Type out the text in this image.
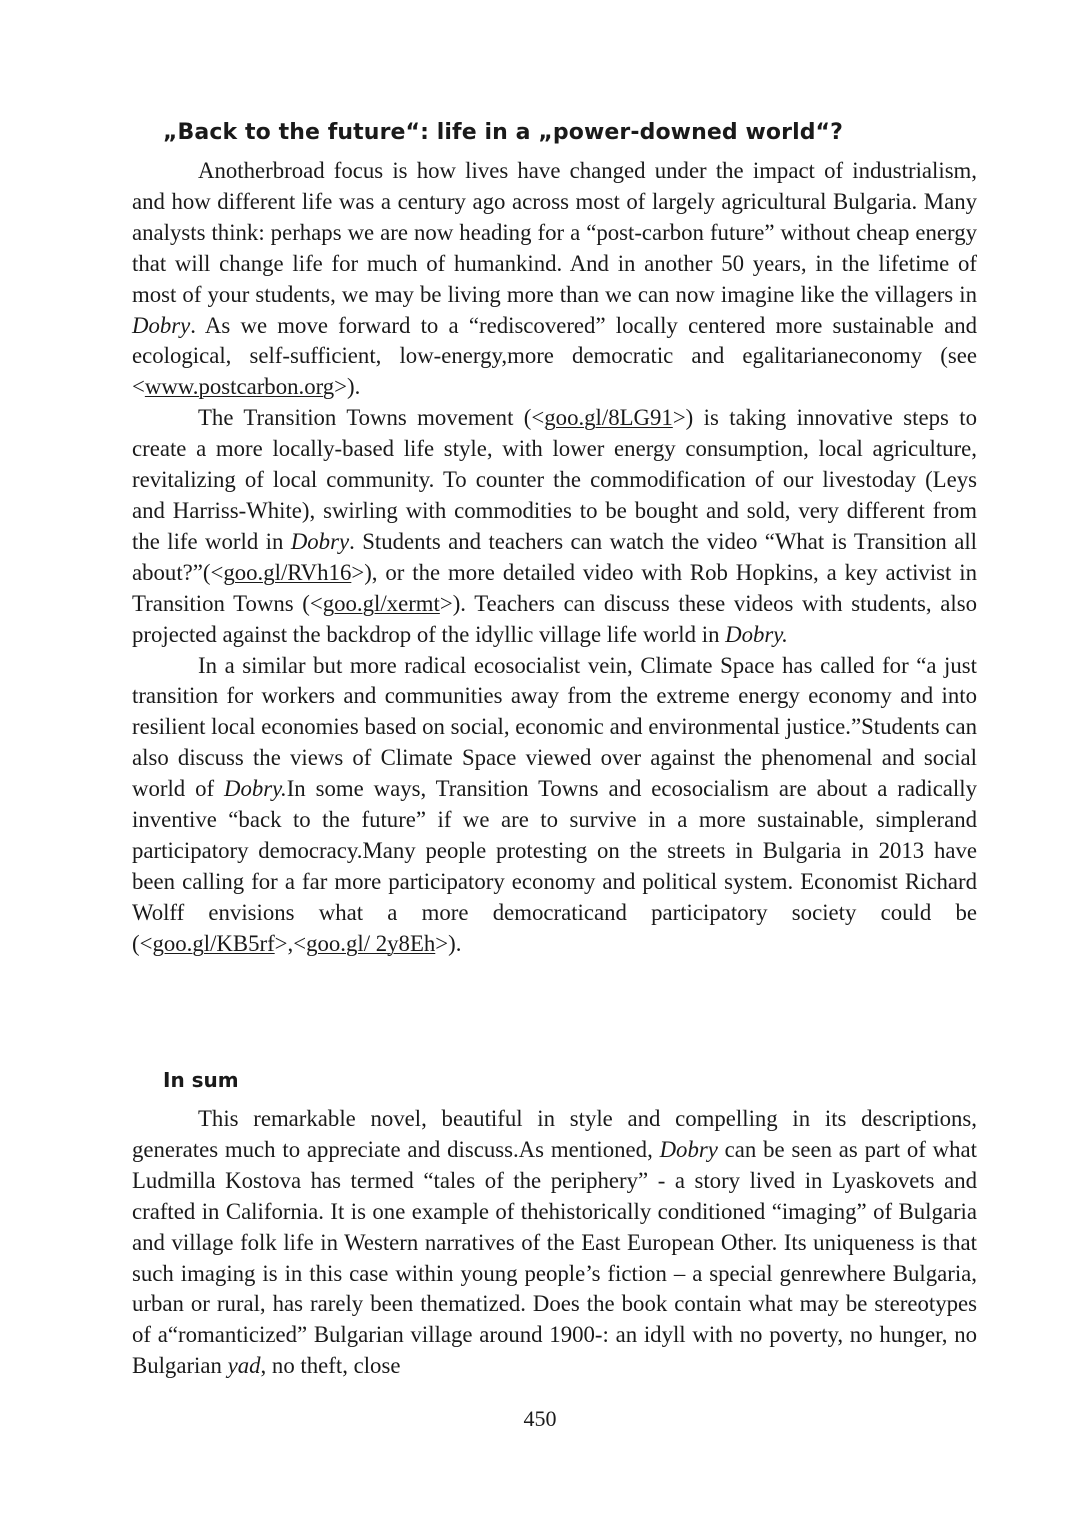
„Back to the future“: life in a „power-downed world“?

Anotherbroad focus is how lives have changed under the impact of industrialism, and how different life was a century ago across most of largely agricultural Bulgaria. Many analysts think: perhaps we are now heading for a “post-carbon future” without cheap energy that will change life for much of humankind. And in another 50 years, in the lifetime of most of your students, we may be living more than we can now imagine like the villagers in Dobry. As we move forward to a “rediscovered” locally centered more sustainable and ecological, self-sufficient, low-energy,more democratic and egalitarianeconomy (see <www.postcarbon.org>).

The Transition Towns movement (<goo.gl/8LG91>) is taking innovative steps to create a more locally-based life style, with lower energy consumption, local agriculture, revitalizing of local community. To counter the commodification of our livestoday (Leys and Harriss-White), swirling with commodities to be bought and sold, very different from the life world in Dobry. Students and teachers can watch the video “What is Transition all about?”(<goo.gl/RVh16>), or the more detailed video with Rob Hopkins, a key activist in Transition Towns (<goo.gl/xermt>). Teachers can discuss these videos with students, also projected against the backdrop of the idyllic village life world in Dobry.

In a similar but more radical ecosocialist vein, Climate Space has called for “a just transition for workers and communities away from the extreme energy economy and into resilient local economies based on social, economic and environmental justice.”Students can also discuss the views of Climate Space viewed over against the phenomenal and social world of Dobry.In some ways, Transition Towns and ecosocialism are about a radically inventive “back to the future” if we are to survive in a more sustainable, simplerand participatory democracy.Many people protesting on the streets in Bulgaria in 2013 have been calling for a far more participatory economy and political system. Economist Richard Wolff envisions what a more democraticand participatory society could be (<goo.gl/KB5rf>,<goo.gl/ 2y8Eh>).

In sum

This remarkable novel, beautiful in style and compelling in its descriptions, generates much to appreciate and discuss.As mentioned, Dobry can be seen as part of what Ludmilla Kostova has termed “tales of the periphery” - a story lived in Lyaskovets and crafted in California. It is one example of thehistorically conditioned “imaging” of Bulgaria and village folk life in Western narratives of the East European Other. Its uniqueness is that such imaging is in this case within young people’s fiction – a special genrewhere Bulgaria, urban or rural, has rarely been thematized. Does the book contain what may be stereotypes of a“romanticized” Bulgarian village around 1900-: an idyll with no poverty, no hunger, no Bulgarian yad, no theft, close

450
